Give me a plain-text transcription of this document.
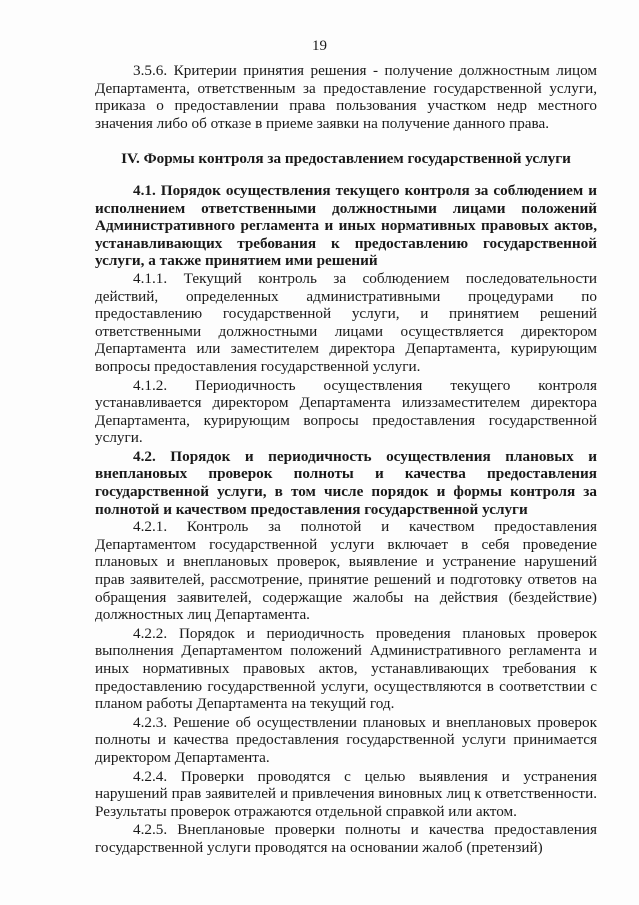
19

3.5.6. Критерии принятия решения - получение должностным лицом Департамента, ответственным за предоставление государственной услуги, приказа о предоставлении права пользования участком недр местного значения либо об отказе в приеме заявки на получение данного права.

IV. Формы контроля за предоставлением государственной услуги

4.1. Порядок осуществления текущего контроля за соблюдением и исполнением ответственными должностными лицами положений Административного регламента и иных нормативных правовых актов, устанавливающих требования к предоставлению государственной услуги, а также принятием ими решений

4.1.1. Текущий контроль за соблюдением последовательности действий, определенных административными процедурами по предоставлению государственной услуги, и принятием решений ответственными должностными лицами осуществляется директором Департамента или заместителем директора Департамента, курирующим вопросы предоставления государственной услуги.

4.1.2. Периодичность осуществления текущего контроля устанавливается директором Департамента илиззаместителем директора Департамента, курирующим вопросы предоставления государственной услуги.

4.2. Порядок и периодичность осуществления плановых и внеплановых проверок полноты и качества предоставления государственной услуги, в том числе порядок и формы контроля за полнотой и качеством предоставления государственной услуги

4.2.1. Контроль за полнотой и качеством предоставления Департаментом государственной услуги включает в себя проведение плановых и внеплановых проверок, выявление и устранение нарушений прав заявителей, рассмотрение, принятие решений и подготовку ответов на обращения заявителей, содержащие жалобы на действия (бездействие) должностных лиц Департамента.

4.2.2. Порядок и периодичность проведения плановых проверок выполнения Департаментом положений Административного регламента и иных нормативных правовых актов, устанавливающих требования к предоставлению государственной услуги, осуществляются в соответствии с планом работы Департамента на текущий год.

4.2.3. Решение об осуществлении плановых и внеплановых проверок полноты и качества предоставления государственной услуги принимается директором Департамента.

4.2.4. Проверки проводятся с целью выявления и устранения нарушений прав заявителей и привлечения виновных лиц к ответственности. Результаты проверок отражаются отдельной справкой или актом.

4.2.5. Внеплановые проверки полноты и качества предоставления государственной услуги проводятся на основании жалоб (претензий)
